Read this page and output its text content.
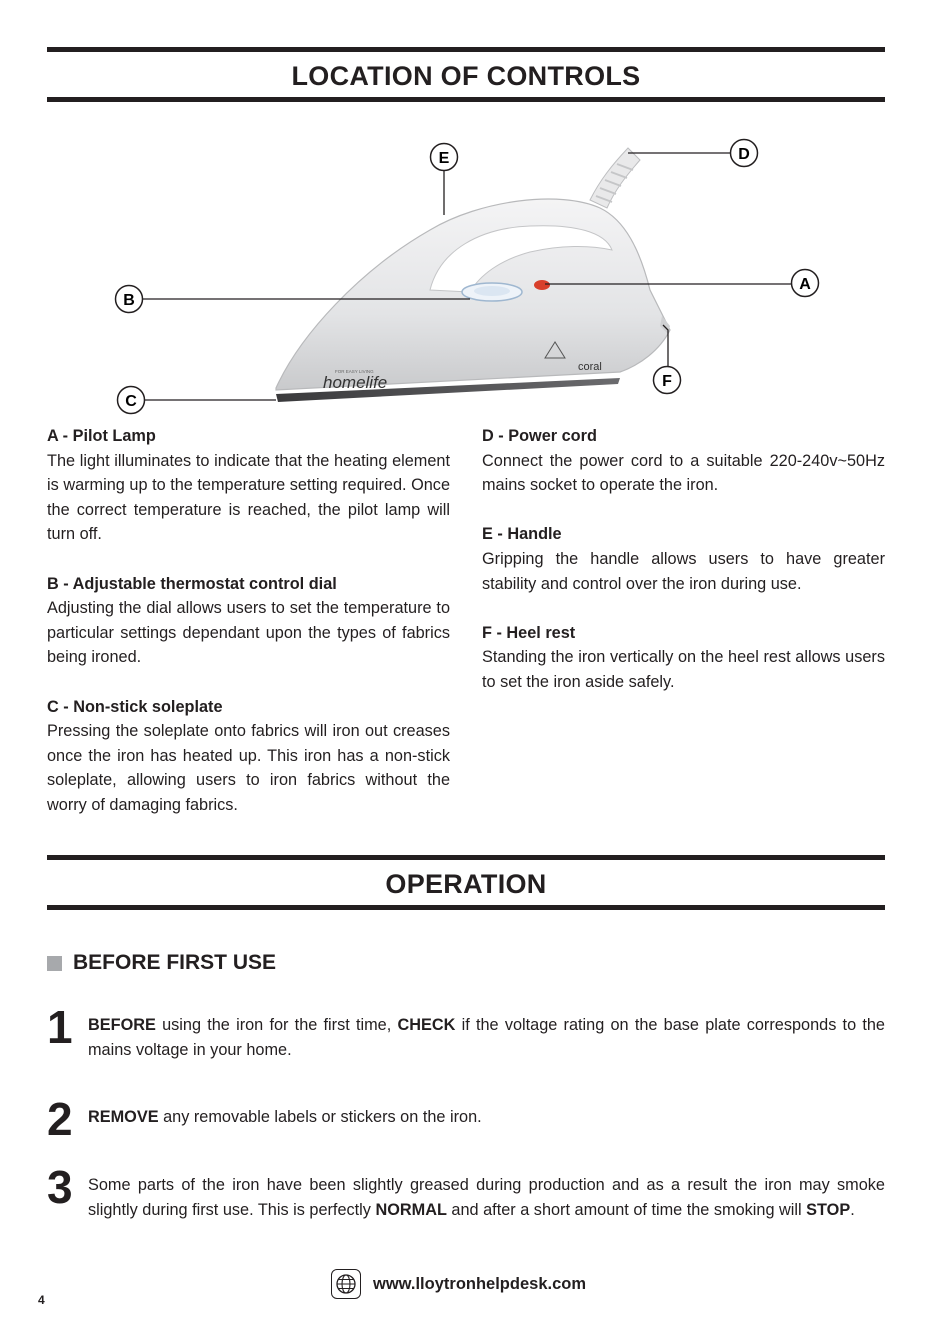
LOCATION OF CONTROLS
FOR EASY LIVING
homelife
coral
E	D
A
B
C
F
A - Pilot Lamp

The light illuminates to indicate that the heating element is warming up to the temperature setting required. Once the correct temperature is reached, the pilot lamp will turn off.

B - Adjustable thermostat control dial

Adjusting the dial allows users to set the temperature to particular settings dependant upon the types of fabrics being ironed.

C - Non-stick soleplate

Pressing the soleplate onto fabrics will iron out creases once the iron has heated up. This iron has a non-stick soleplate, allowing users to iron fabrics without the worry of damaging fabrics.

D - Power cord

Connect the power cord to a suitable 220-240v~50Hz mains socket to operate the iron.

E - Handle

Gripping the handle allows users to have greater stability and control over the iron during use.

F - Heel rest

Standing the iron vertically on the heel rest allows users to set the iron aside safely.

OPERATION
BEFORE FIRST USE
1 BEFORE using the iron for the first time, CHECK if the voltage rating on the base plate corresponds to the mains voltage in your home.
2 REMOVE any removable labels or stickers on the iron.
3 Some parts of the iron have been slightly greased during production and as a result the iron may smoke slightly during first use. This is perfectly NORMAL and after a short amount of time the smoking will STOP.
www.lloytronhelpdesk.com
4
